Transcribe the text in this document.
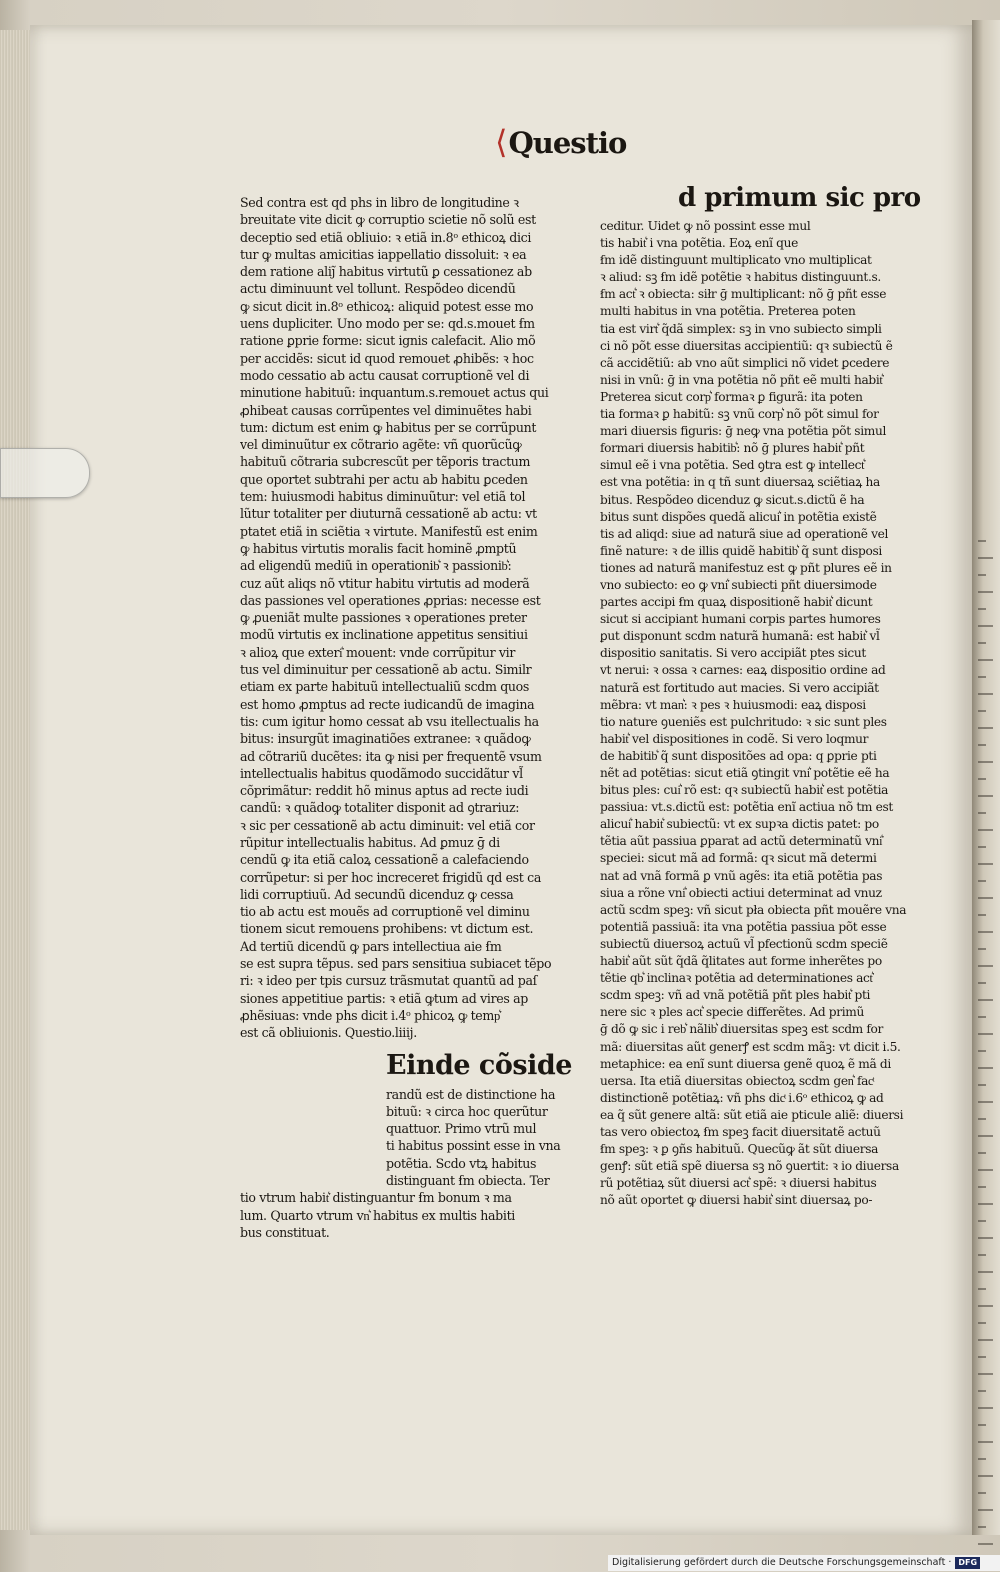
⟨Questio
Sed contra est qd phs in libro de longitudine ꝛ
breuitate vite dicit ꝙ corruptio scietie nõ solũ est
deceptio sed etiã obliuio: ꝛ etiã in.8ᵒ ethicoꝝ dici
tur ꝙ multas amicitias iappellatio dissoluit: ꝛ ea
dem ratione aliȷ̃ habitus virtutũ ꝑ cessationez ab
actu diminuunt vel tollunt. Respõdeo dicendũ
ꝙ sicut dicit in.8ᵒ ethicoꝝ: aliquid potest esse mo
uens dupliciter. Uno modo per se: qd.s.mouet ẜm
ratione ꝑprie forme: sicut ignis calefacit. Alio mõ
per accidẽs: sicut id quod remouet ꝓhibẽs: ꝛ hoc
modo cessatio ab actu causat corruptionẽ vel di
minutione habituũ: inquantum.s.remouet actus qui
ꝓhibeat causas corrũpentes vel diminuẽtes habi
tum: dictum est enim ꝙ habitus per se corrũpunt
vel diminuũtur ex cõtrario agẽte: vñ quorũcũꝙ
habituũ cõtraria subcrescũt per tẽporis tractum
que oportet subtrahi per actu ab habitu ꝑceden
tem: huiusmodi habitus diminuũtur: vel etiã tol
lũtur totaliter per diuturnã cessationẽ ab actu: vt
ptatet etiã in sciẽtia ꝛ virtute. Manifestũ est enim
ꝙ habitus virtutis moralis facit hominẽ ꝓmptũ
ad eligendũ mediũ in operationib͛ ꝛ passionib͛:
cuz aũt aliqs nõ vtitur habitu virtutis ad moderã
das passiones vel operationes ꝓprias: necesse est
ꝙ ꝓueniãt multe passiones ꝛ operationes preter
modũ virtutis ex inclinatione appetitus sensitiui
ꝛ alioꝝ que exteri͛ mouent: vnde corrũpitur vir
tus vel diminuitur per cessationẽ ab actu. Similr
etiam ex parte habituũ intellectualiũ scdm quos
est homo ꝓmptus ad recte iudicandũ de imagina
tis: cum igitur homo cessat ab vsu itellectualis ha
bitus: insurgũt imaginatiões extranee: ꝛ quãdoꝙ
ad cõtrariũ ducẽtes: ita ꝙ nisi per frequentẽ vsum
intellectualis habitus quodãmodo succidãtur vl̃
cõprimãtur: reddit hõ minus aptus ad recte iudi
candũ: ꝛ quãdoꝙ totaliter disponit ad ꝯtrariuz:
ꝛ sic per cessationẽ ab actu diminuit: vel etiã cor
rũpitur intellectualis habitus. Ad ꝑmuz ḡ di
cendũ ꝙ ita etiã caloꝝ cessationẽ a calefaciendo
corrũpetur: si per hoc increceret frigidũ qd est ca
lidi corruptiuũ. Ad secundũ dicenduz ꝙ cessa
tio ab actu est mouẽs ad corruptionẽ vel diminu
tionem sicut remouens prohibens: vt dictum est.
Ad tertiũ dicendũ ꝙ pars intellectiua aie ẜm
se est supra tẽpus. sed pars sensitiua subiacet tẽpo
ri: ꝛ ideo per tpis cursuz trãsmutat quantũ ad paſ
siones appetitiue partis: ꝛ etiã ꝙtum ad vires ap
ꝓhẽsiuas: vnde phs dicit i.4ᵒ phicoꝝ ꝙ temp͛
est cã obliuionis. Questio.liiij.
Einde cõside
randũ est de distinctione ha
bituũ: ꝛ circa hoc querũtur
quattuor. Primo vtrũ mul
ti habitus possint esse in vna
potẽtia. Scdo vtꝝ habitus
distinguant ẜm obiecta. Ter
tio vtrum habit͛ distinguantur ẜm bonum ꝛ ma
lum. Quarto vtrum vn͛ habitus ex multis habiti
bus constituat.
d primum sic pro
ceditur. Uidet ꝙ nõ possint esse mul
tis habit͛ i vna potẽtia. Eoꝝ enĩ que
ẜm idẽ distinguunt multiplicato vno multiplicat
ꝛ aliud: sꝫ ẜm idẽ potẽtie ꝛ habitus distinguunt.s.
ẜm act͛ ꝛ obiecta: siłr ḡ multiplicant: nõ ḡ pñt esse
multi habitus in vna potẽtia. Preterea poten
tia est virt͛ q̃dã simplex: sꝫ in vno subiecto simpli
ci nõ põt esse diuersitas accipientiũ: qꝛ subiectũ ẽ
cã accidẽtiũ: ab vno aũt simplici nõ videt ꝑcedere
nisi in vnũ: ḡ in vna potẽtia nõ pñt eẽ multi habit͛
Preterea sicut corp͛ formaꝛ ꝑ figurã: ita poten
tia formaꝛ ꝑ habitũ: sꝫ vnũ corp͛ nõ põt simul for
mari diuersis figuris: ḡ neꝙ vna potẽtia põt simul
formari diuersis habitib͛: nõ ḡ plures habit͛ pñt
simul eẽ i vna potẽtia. Sed ꝯtra est ꝙ intellect͛
est vna potẽtia: in q tñ sunt diuersaꝝ sciẽtiaꝝ ha
bitus. Respõdeo dicenduz ꝙ sicut.s.dictũ ẽ ha
bitus sunt dispões quedã alicui͛ in potẽtia existẽ
tis ad aliqd: siue ad naturã siue ad operationẽ vel
finẽ nature: ꝛ de illis quidẽ habitib͛ q̃ sunt disposi
tiones ad naturã manifestuz est ꝙ pñt plures eẽ in
vno subiecto: eo ꝙ vni͛ subiecti pñt diuersimode
partes accipi ẜm quaꝝ dispositionẽ habit͛ dicunt
sicut si accipiant humani corpis partes humores
ꝑut disponunt scdm naturã humanã: est habit͛ vl̃
dispositio sanitatis. Si vero accipiãt ptes sicut
vt nerui: ꝛ ossa ꝛ carnes: eaꝝ dispositio ordine ad
naturã est fortitudo aut macies. Si vero accipiãt
mẽbra: vt man͛: ꝛ pes ꝛ huiusmodi: eaꝝ disposi
tio nature ꝯueniẽs est pulchritudo: ꝛ sic sunt ples
habit͛ vel dispositiones in codẽ. Si vero loqmur
de habitib͛ q̃ sunt dispositões ad opa: q ꝑprie pti
nẽt ad potẽtias: sicut etiã ꝯtingit vni͛ potẽtie eẽ ha
bitus ples: cui͛ rõ est: qꝛ subiectũ habit͛ est potẽtia
passiua: vt.s.dictũ est: potẽtia enĩ actiua nõ tm est
alicui͛ habit͛ subiectũ: vt ex supꝛa dictis patet: po
tẽtia aũt passiua ꝑparat ad actũ determinatũ vni͛
speciei: sicut mã ad formã: qꝛ sicut mã determi
nat ad vnã formã ꝑ vnũ agẽs: ita etiã potẽtia pas
siua a rõne vni͛ obiecti actiui determinat ad vnuz
actũ scdm speꝫ: vñ sicut pła obiecta pñt mouẽre vna
potentiã passiuã: ita vna potẽtia passiua põt esse
subiectũ diuersoꝝ actuũ vl̃ pfectionũ scdm speciẽ
habit͛ aũt sũt q̃dã q̃litates aut forme inherẽtes po
tẽtie qb͛ inclinaꝛ potẽtia ad determinationes act͛
scdm speꝫ: vñ ad vnã potẽtiã pñt ples habit͛ pti
nere sic ꝛ ples act͛ specie differẽtes. Ad primũ
ḡ dõ ꝙ sic i reb͛ nãlib͛ diuersitas speꝫ est scdm for
mã: diuersitas aũt generꝭ est scdm mãꝫ: vt dicit i.5.
metaphice: ea enĩ sunt diuersa genẽ quoꝝ ẽ mã di
uersa. Ita etiã diuersitas obiectoꝝ scdm gen͛ facͭ
distinctionẽ potẽtiaꝝ: vñ phs dicͭ i.6ᵒ ethicoꝝ ꝙ ad
ea q̃ sũt genere altã: sũt etiã aie pticule aliẽ: diuersi
tas vero obiectoꝝ ẜm speꝫ facit diuersitatẽ actuũ
ẜm speꝫ: ꝛ ꝑ ꝯñs habituũ. Quecũꝙ ãt sũt diuersa
genꝭ: sũt etiã spẽ diuersa sꝫ nõ ꝯuertit: ꝛ io diuersa
rũ potẽtiaꝝ sũt diuersi act͛ spẽ: ꝛ diuersi habitus
nõ aũt oportet ꝙ diuersi habit͛ sint diuersaꝝ po-
Digitalisierung gefördert durch die Deutsche Forschungsgemeinschaft · DFG
